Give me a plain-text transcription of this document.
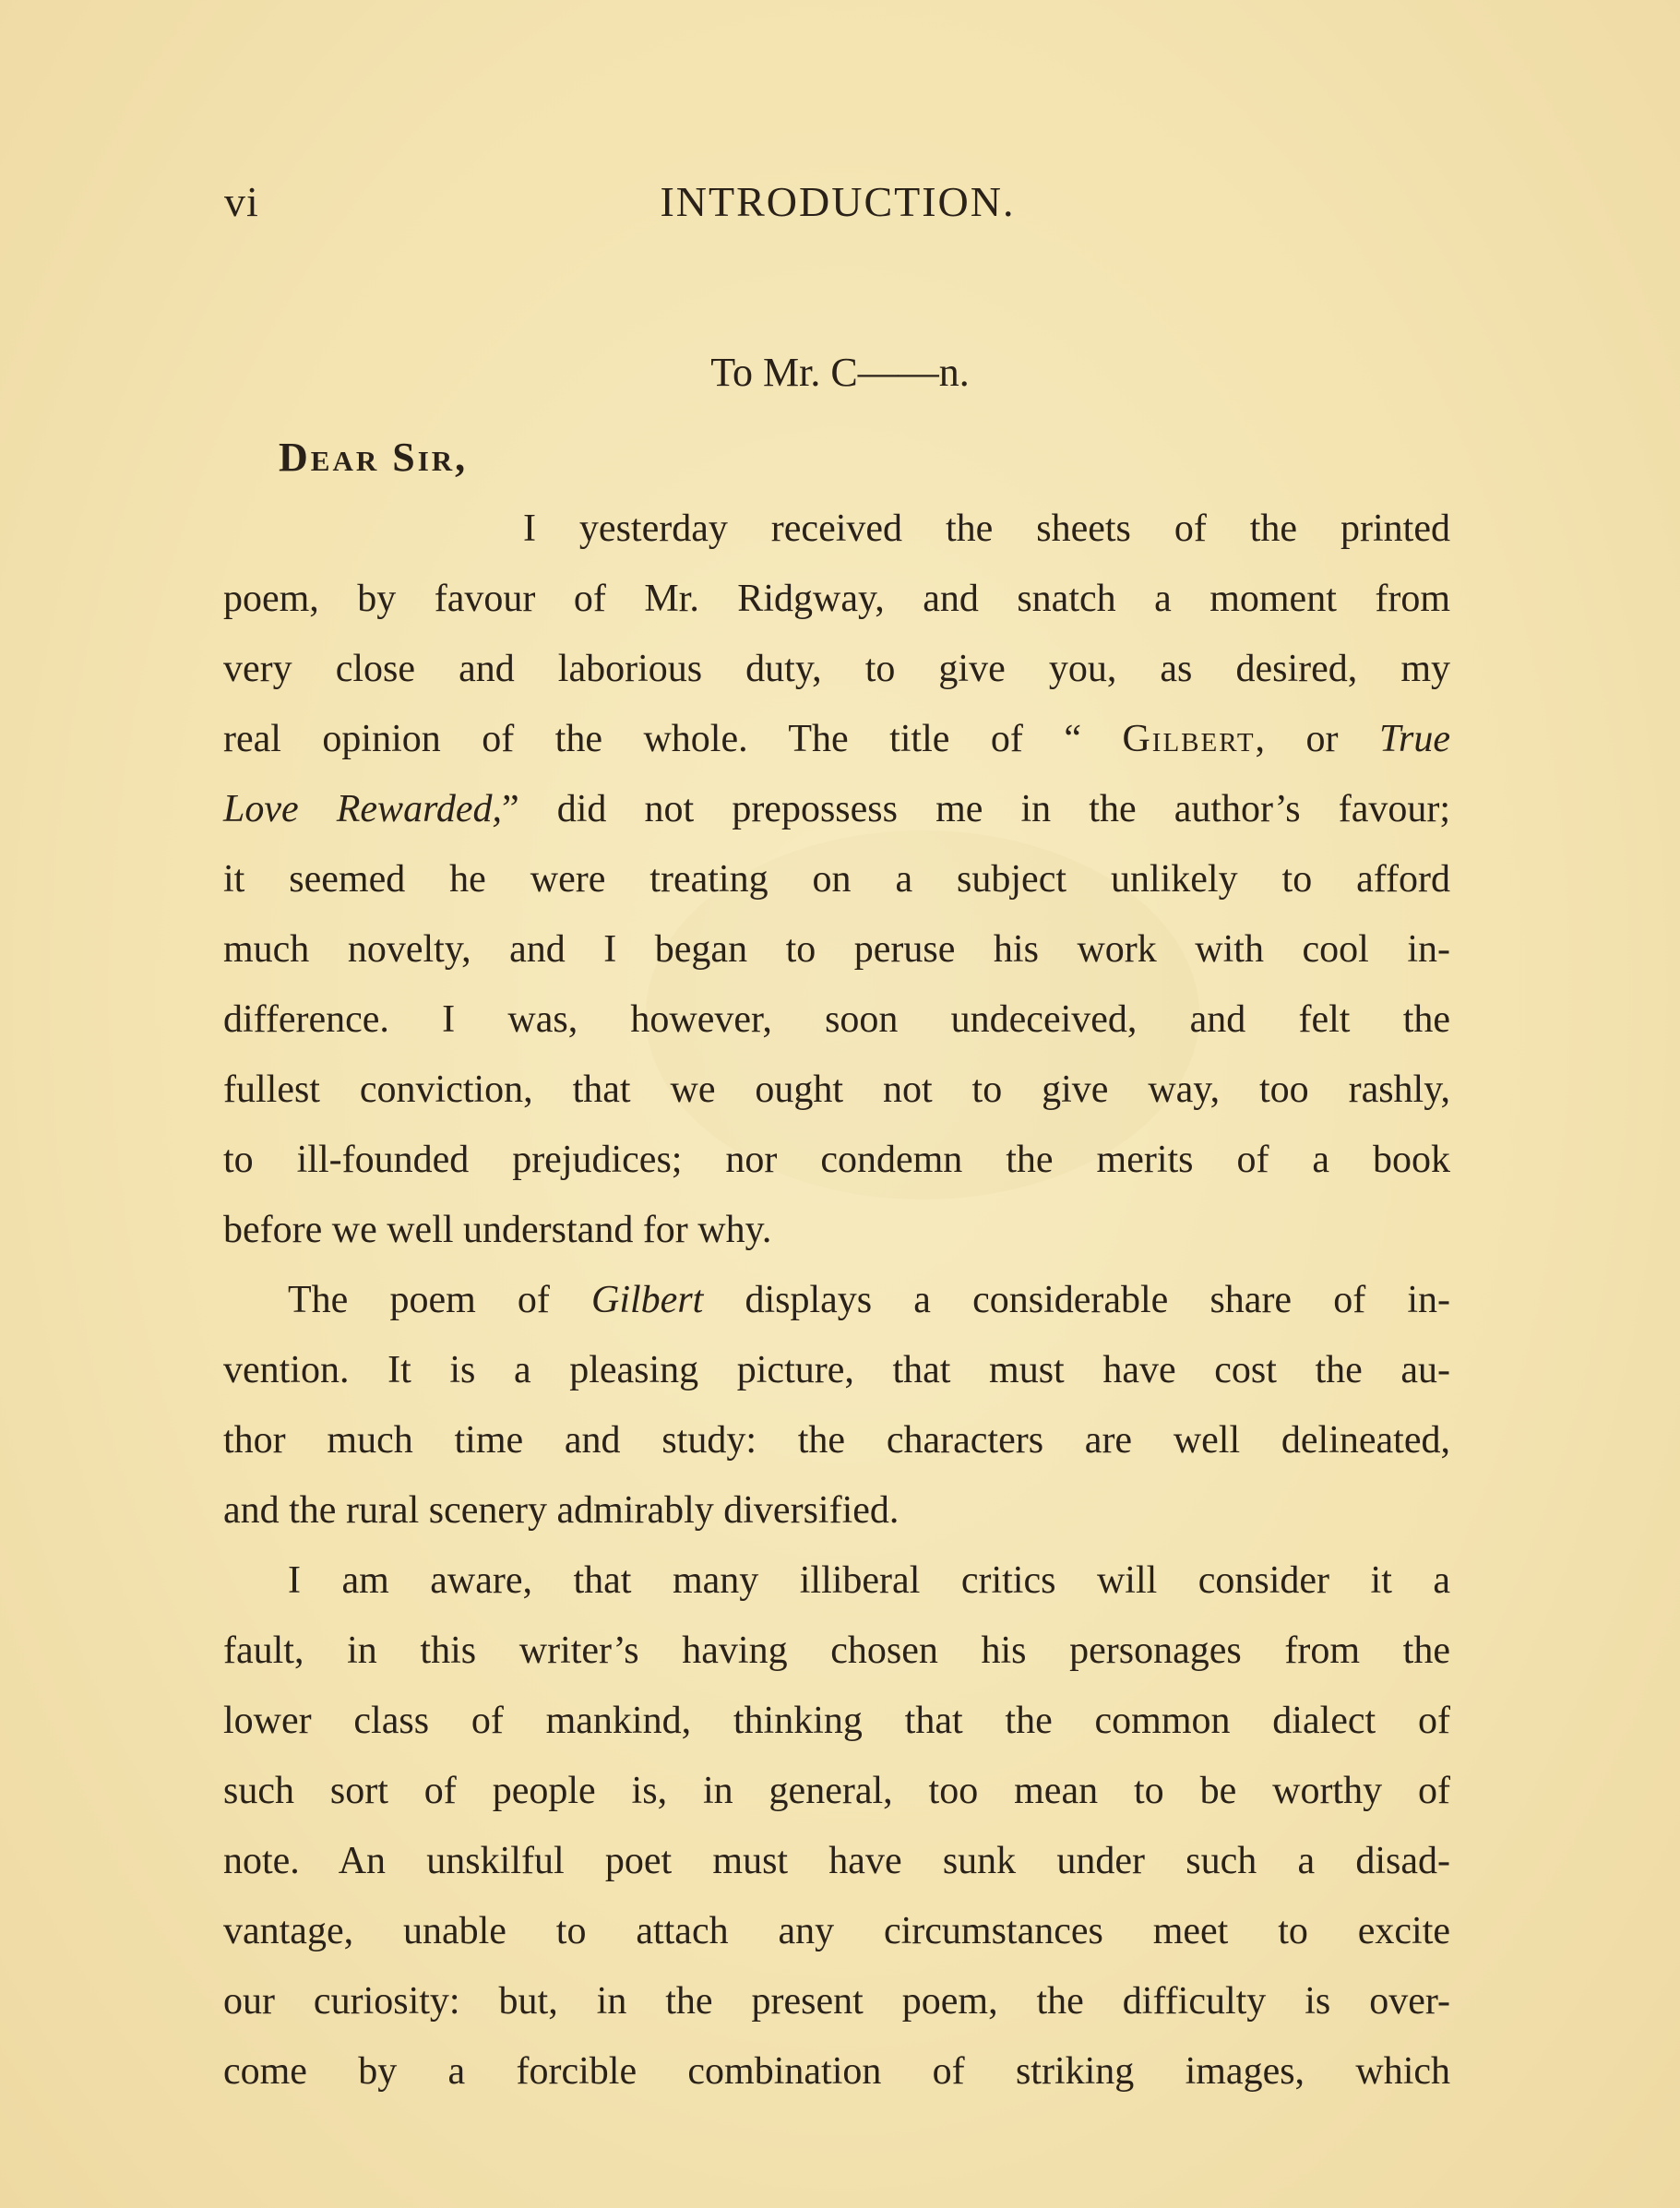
vi	INTRODUCTION.
To Mr. C——n.
Dear Sir,
I yesterday received the sheets of the printed
poem, by favour of Mr. Ridgway, and snatch a moment from
very close and laborious duty, to give you, as desired, my
real opinion of the whole. The title of “ Gilbert, or True
Love Rewarded,” did not prepossess me in the author’s favour;
it seemed he were treating on a subject unlikely to afford
much novelty, and I began to peruse his work with cool in-
difference. I was, however, soon undeceived, and felt the
fullest conviction, that we ought not to give way, too rashly,
to ill-founded prejudices; nor condemn the merits of a book
before we well understand for why.
The poem of Gilbert displays a considerable share of in-
vention. It is a pleasing picture, that must have cost the au-
thor much time and study: the characters are well delineated,
and the rural scenery admirably diversified.
I am aware, that many illiberal critics will consider it a
fault, in this writer’s having chosen his personages from the
lower class of mankind, thinking that the common dialect of
such sort of people is, in general, too mean to be worthy of
note. An unskilful poet must have sunk under such a disad-
vantage, unable to attach any circumstances meet to excite
our curiosity: but, in the present poem, the difficulty is over-
come by a forcible combination of striking images, which
